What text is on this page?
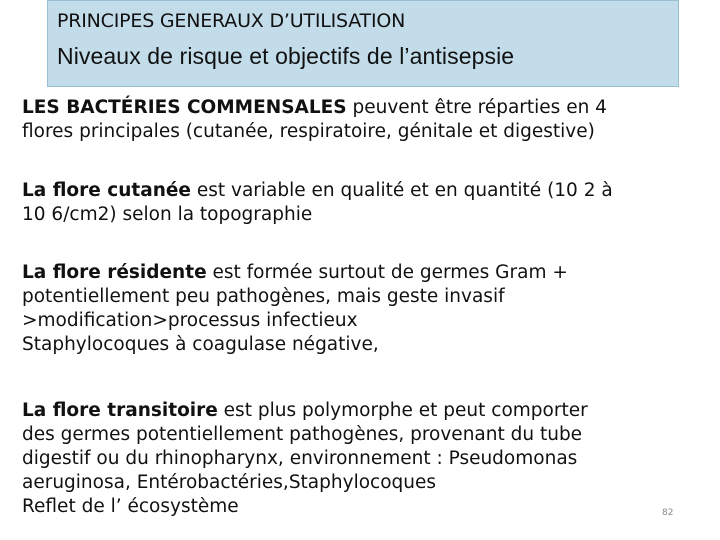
PRINCIPES GENERAUX D’UTILISATION
Niveaux de risque et objectifs de l’antisepsie
LES BACTÉRIES COMMENSALES peuvent être réparties en 4
flores principales (cutanée, respiratoire, génitale et digestive)
La flore cutanée est variable en qualité et en quantité (10 2 à
10 6/cm2) selon la topographie
La flore résidente est formée surtout de germes Gram +
potentiellement peu pathogènes, mais geste invasif
>modification>processus infectieux
Staphylocoques à coagulase négative,
La flore transitoire est plus polymorphe et peut comporter
des germes potentiellement pathogènes, provenant du tube
digestif ou du rhinopharynx, environnement : Pseudomonas
aeruginosa, Entérobactéries,Staphylocoques
Reflet de l’ écosystème	82
